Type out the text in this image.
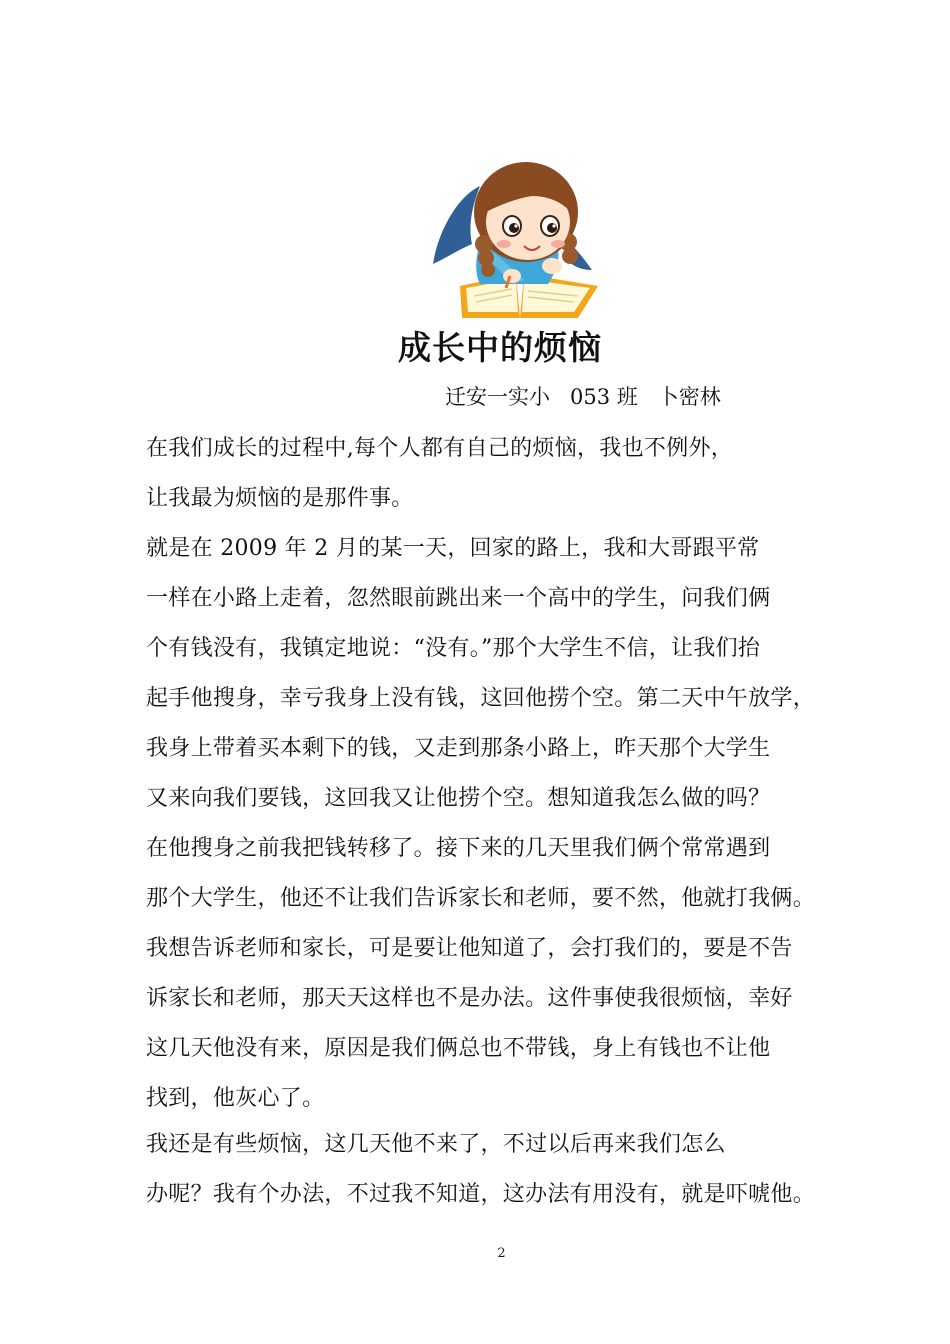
成长中的烦恼
迁安一实小   053 班   卜密林
在我们成长的过程中,每个人都有自己的烦恼，我也不例外，
让我最为烦恼的是那件事。
就是在 2009 年 2 月的某一天，回家的路上，我和大哥跟平常
一样在小路上走着，忽然眼前跳出来一个高中的学生，问我们俩
个有钱没有，我镇定地说：“没有。”那个大学生不信，让我们抬
起手他搜身，幸亏我身上没有钱，这回他捞个空。第二天中午放学，
我身上带着买本剩下的钱，又走到那条小路上，昨天那个大学生
又来向我们要钱，这回我又让他捞个空。想知道我怎么做的吗？
在他搜身之前我把钱转移了。接下来的几天里我们俩个常常遇到
那个大学生，他还不让我们告诉家长和老师，要不然，他就打我俩。
我想告诉老师和家长，可是要让他知道了，会打我们的，要是不告
诉家长和老师，那天天这样也不是办法。这件事使我很烦恼，幸好
这几天他没有来，原因是我们俩总也不带钱，身上有钱也不让他
找到，他灰心了。
我还是有些烦恼，这几天他不来了，不过以后再来我们怎么
办呢？我有个办法，不过我不知道，这办法有用没有，就是吓唬他。
2
